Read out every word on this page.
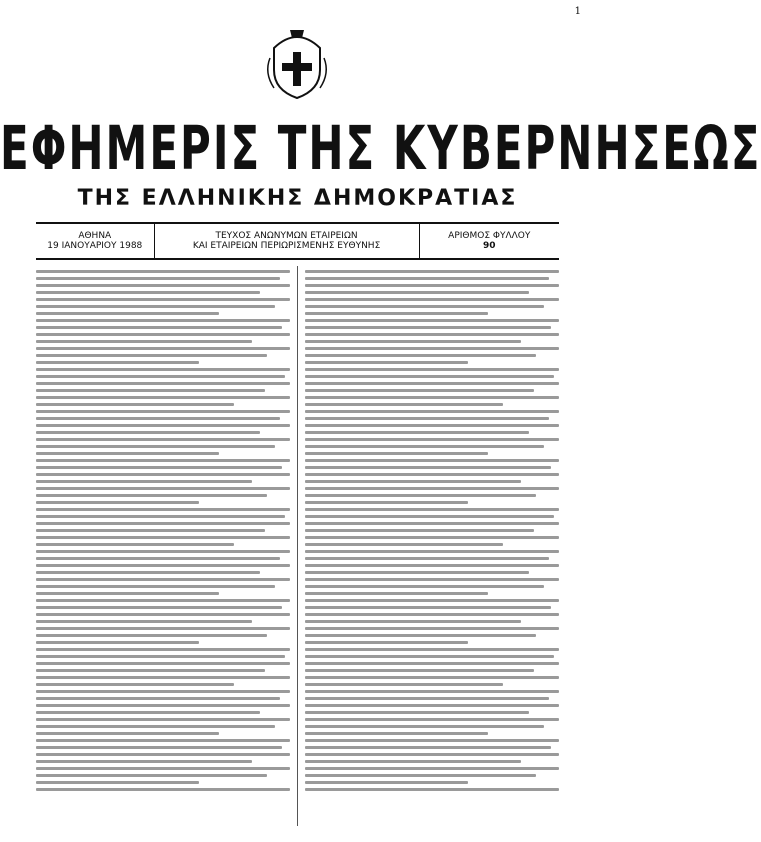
1
ΕΦΗΜΕΡΙΣ ΤΗΣ ΚΥΒΕΡΝΗΣΕΩΣ
ΤΗΣ ΕΛΛΗΝΙΚΗΣ ΔΗΜΟΚΡΑΤΙΑΣ
ΑΘΗΝΑ
19 ΙΑΝΟΥΑΡΙΟΥ 1988
ΤΕΥΧΟΣ ΑΝΩΝΥΜΩΝ ΕΤΑΙΡΕΙΩΝ
ΚΑΙ ΕΤΑΙΡΕΙΩΝ ΠΕΡΙΩΡΙΣΜΕΝΗΣ ΕΥΘΥΝΗΣ
ΑΡΙΘΜΟΣ ΦΥΛΛΟΥ
90
